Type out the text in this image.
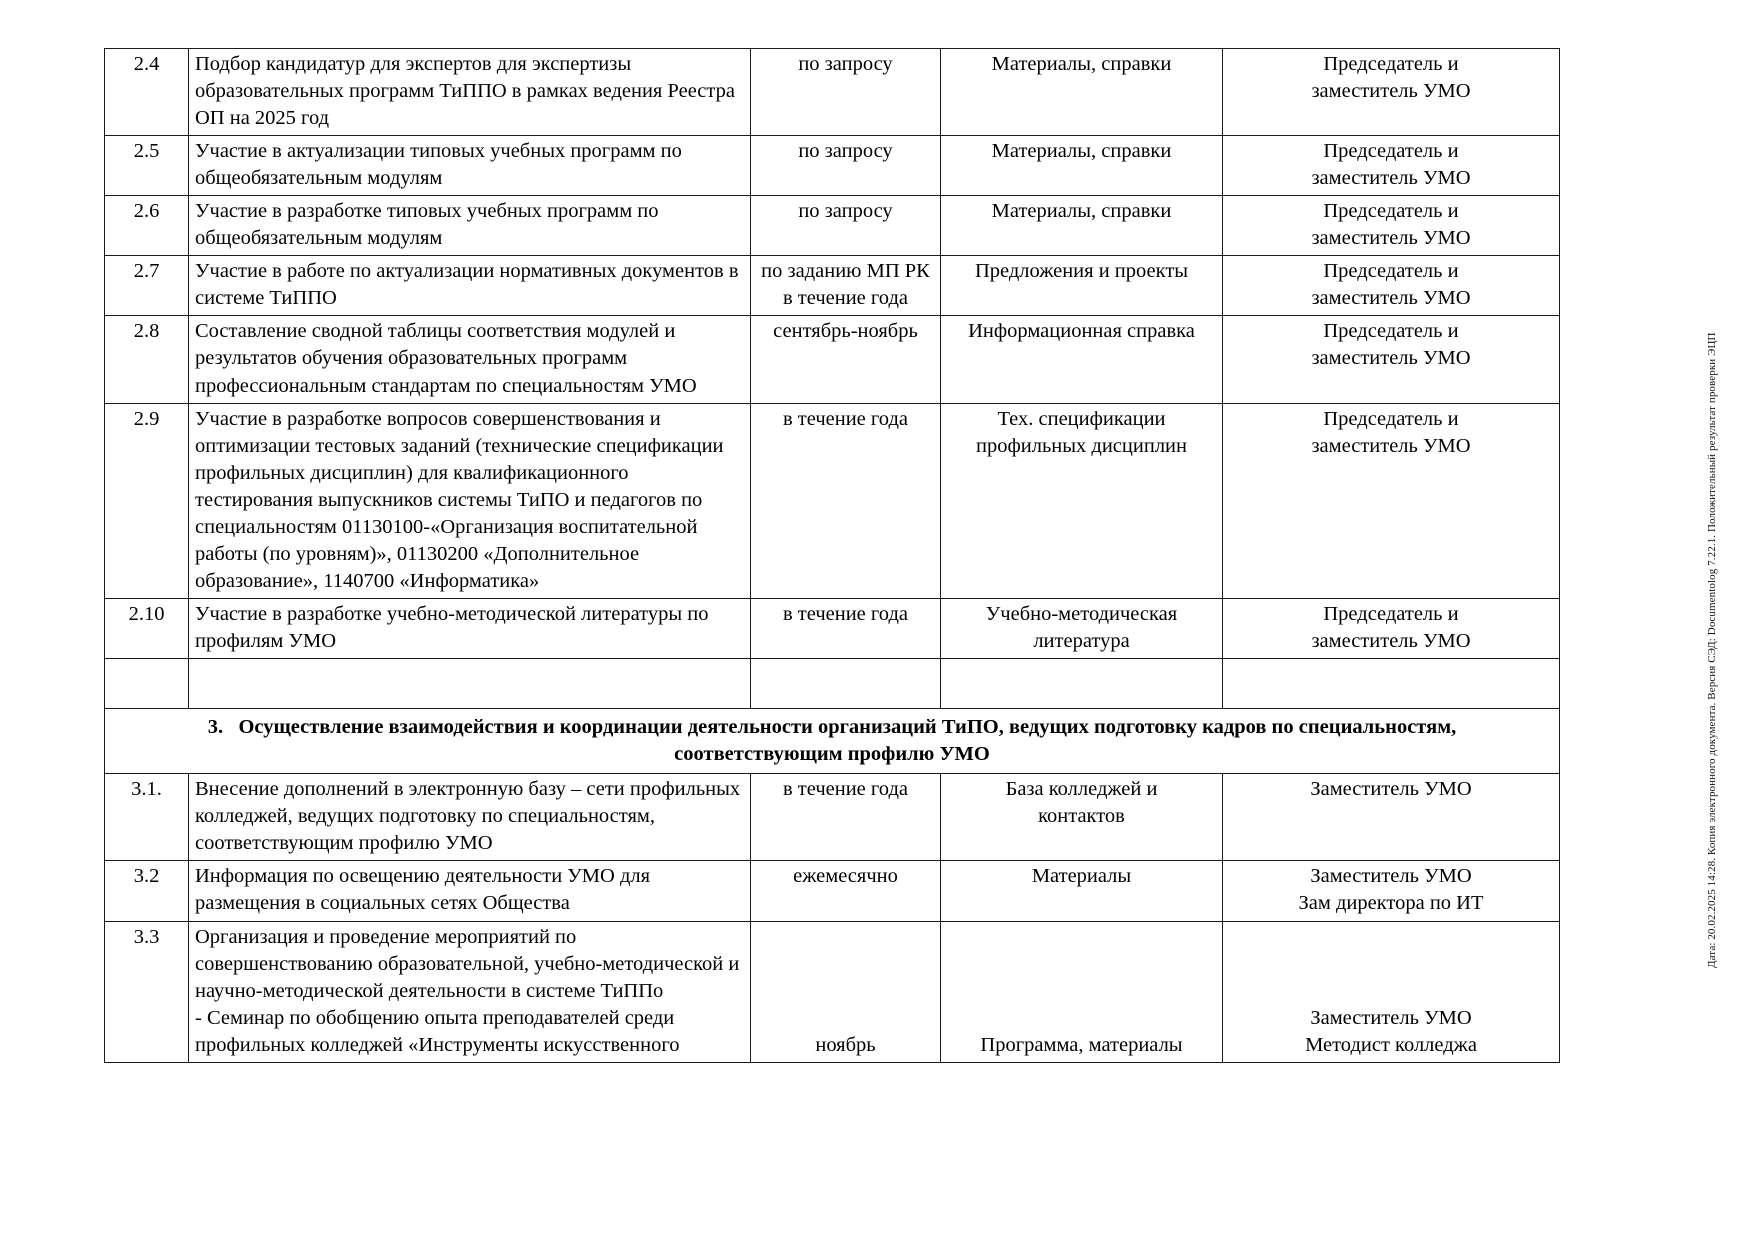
2.4	Подбор кандидатур для экспертов для экспертизы образовательных программ ТиППО в рамках ведения Реестра ОП на 2025 год	по запросу	Материалы, справки	Председатель и
заместитель УМО

2.5	Участие в актуализации типовых учебных программ по общеобязательным модулям	по запросу	Материалы, справки	Председатель и
заместитель УМО

2.6	Участие в разработке типовых учебных программ по общеобязательным модулям	по запросу	Материалы, справки	Председатель и
заместитель УМО

2.7	Участие в работе по актуализации нормативных документов в системе ТиППО	по заданию МП РК в течение года	Предложения и проекты	Председатель и
заместитель УМО

2.8	Составление сводной таблицы соответствия модулей и результатов обучения образовательных программ профессиональным стандартам по специальностям УМО	сентябрь-ноябрь	Информационная справка	Председатель и
заместитель УМО

2.9	Участие в разработке вопросов совершенствования и оптимизации тестовых заданий (технические спецификации профильных дисциплин) для квалификационного тестирования выпускников системы ТиПО и педагогов по специальностям 01130100-«Организация воспитательной работы (по уровням)», 01130200 «Дополнительное образование», 1140700 «Информатика»	в течение года	Тех. спецификации
профильных дисциплин	Председатель и
заместитель УМО

2.10	Участие в разработке учебно-методической литературы по профилям УМО	в течение года	Учебно-методическая
литература	Председатель и
заместитель УМО

3. Осуществление взаимодействия и координации деятельности организаций ТиПО, ведущих подготовку кадров по специальностям, соответствующим профилю УМО				

3.1.	Внесение дополнений в электронную базу – сети профильных колледжей, ведущих подготовку по специальностям, соответствующим профилю УМО	в течение года	База колледжей и
контактов	Заместитель УМО

3.2	Информация по освещению деятельности УМО для размещения в социальных сетях Общества	ежемесячно	Материалы	Заместитель УМО
Зам директора по ИТ

3.3	Организация и проведение мероприятий по совершенствованию образовательной, учебно-методической и научно-методической деятельности в системе ТиППо
- Семинар по обобщению опыта преподавателей среди профильных колледжей «Инструменты искусственного	ноябрь	Программа, материалы	Заместитель УМО
Методист колледжа
Дата: 20.02.2025 14:28. Копия электронного документа. Версия СЭД: Documentolog 7.22.1. Положительный результат проверки ЭЦП
